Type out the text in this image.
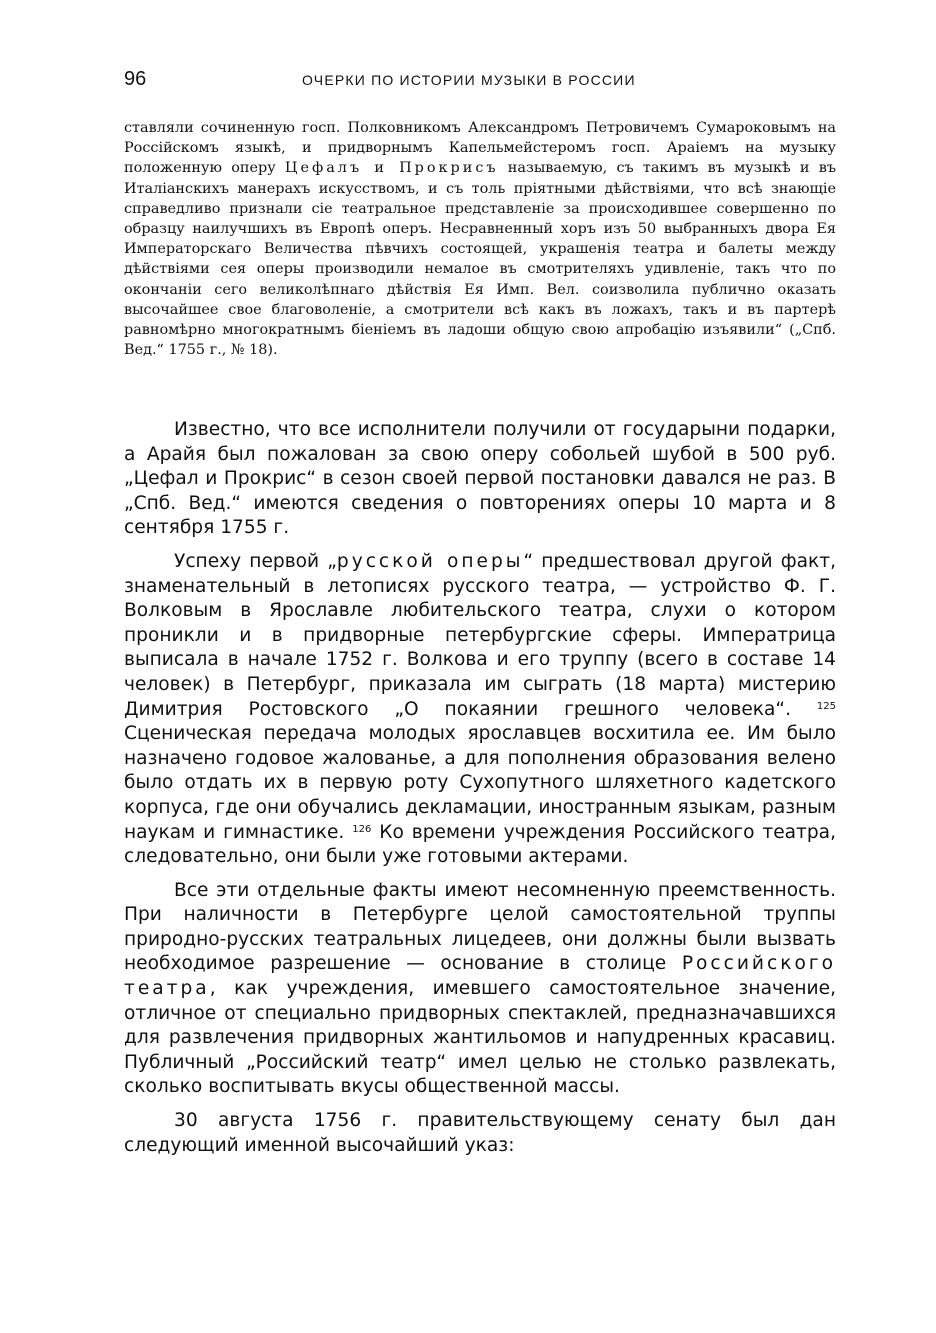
96	ОЧЕРКИ ПО ИСТОРИИ МУЗЫКИ В РОССИИ

ставляли сочиненную госп. Полковникомъ Александромъ Петровичемъ Сумароковымъ на Россійскомъ языкѣ, и придворнымъ Капельмейстеромъ госп. Араіемъ на музыку положенную оперу Цефалъ и Прокрисъ называемую, съ такимъ въ музыкѣ и въ Италіанскихъ манерахъ искусствомъ, и съ толь пріятными дѣйствіями, что всѣ знающіе справедливо признали сіе театральное представленіе за происходившее совершенно по образцу наилучшихъ въ Европѣ оперъ. Несравненный хоръ изъ 50 выбранныхъ двора Ея Императорскаго Величества пѣвчихъ состоящей, украшенія театра и балеты между дѣйствіями сея оперы производили немалое въ смотрителяхъ удивленіе, такъ что по окончаніи сего великолѣпнаго дѣйствія Ея Имп. Вел. соизволила публично оказать высочайшее свое благоволеніе, а смотрители всѣ какъ въ ложахъ, такъ и въ партерѣ равномѣрно многократнымъ біеніемъ въ ладоши общую свою апробацію изъявили“ („Спб. Вед.“ 1755 г., № 18).

Известно, что все исполнители получили от государыни подарки, а Арайя был пожалован за свою оперу собольей шубой в 500 руб. „Цефал и Прокрис“ в сезон своей первой постановки давался не раз. В „Спб. Вед.“ имеются сведения о повторениях оперы 10 марта и 8 сентября 1755 г.

Успеху первой „русской оперы“ предшествовал другой факт, знаменательный в летописях русского театра, — устройство Ф. Г. Волковым в Ярославле любительского театра, слухи о котором проникли и в придворные петербургские сферы. Императрица выписала в начале 1752 г. Волкова и его труппу (всего в составе 14 человек) в Петербург, приказала им сыграть (18 марта) мистерию Димитрия Ростовского „О покаянии грешного человека“.	$^{125}$ Сценическая передача молодых ярославцев восхитила ее. Им было назначено годовое жалованье, а для пополнения образования велено было отдать их в первую роту Сухопутного шляхетного кадетского корпуса, где они обучались декламации, иностранным языкам, разным наукам и гимнастике. $^{126}$ Ко времени учреждения Российского театра, следовательно, они были уже готовыми актерами.

Все эти отдельные факты имеют несомненную преемственность. При наличности в Петербурге целой самостоятельной труппы природно-русских театральных лицедеев, они должны были вызвать необходимое разрешение — основание в столице Российского театра, как учреждения, имевшего самостоятельное значение, отличное от специально придворных спектаклей, предназначавшихся для развлечения придворных жантильомов и напудренных красавиц. Публичный „Российский театр“ имел целью не столько развлекать, сколько воспитывать вкусы общественной массы.

30 августа 1756 г. правительствующему сенату был дан следующий именной высочайший указ:
